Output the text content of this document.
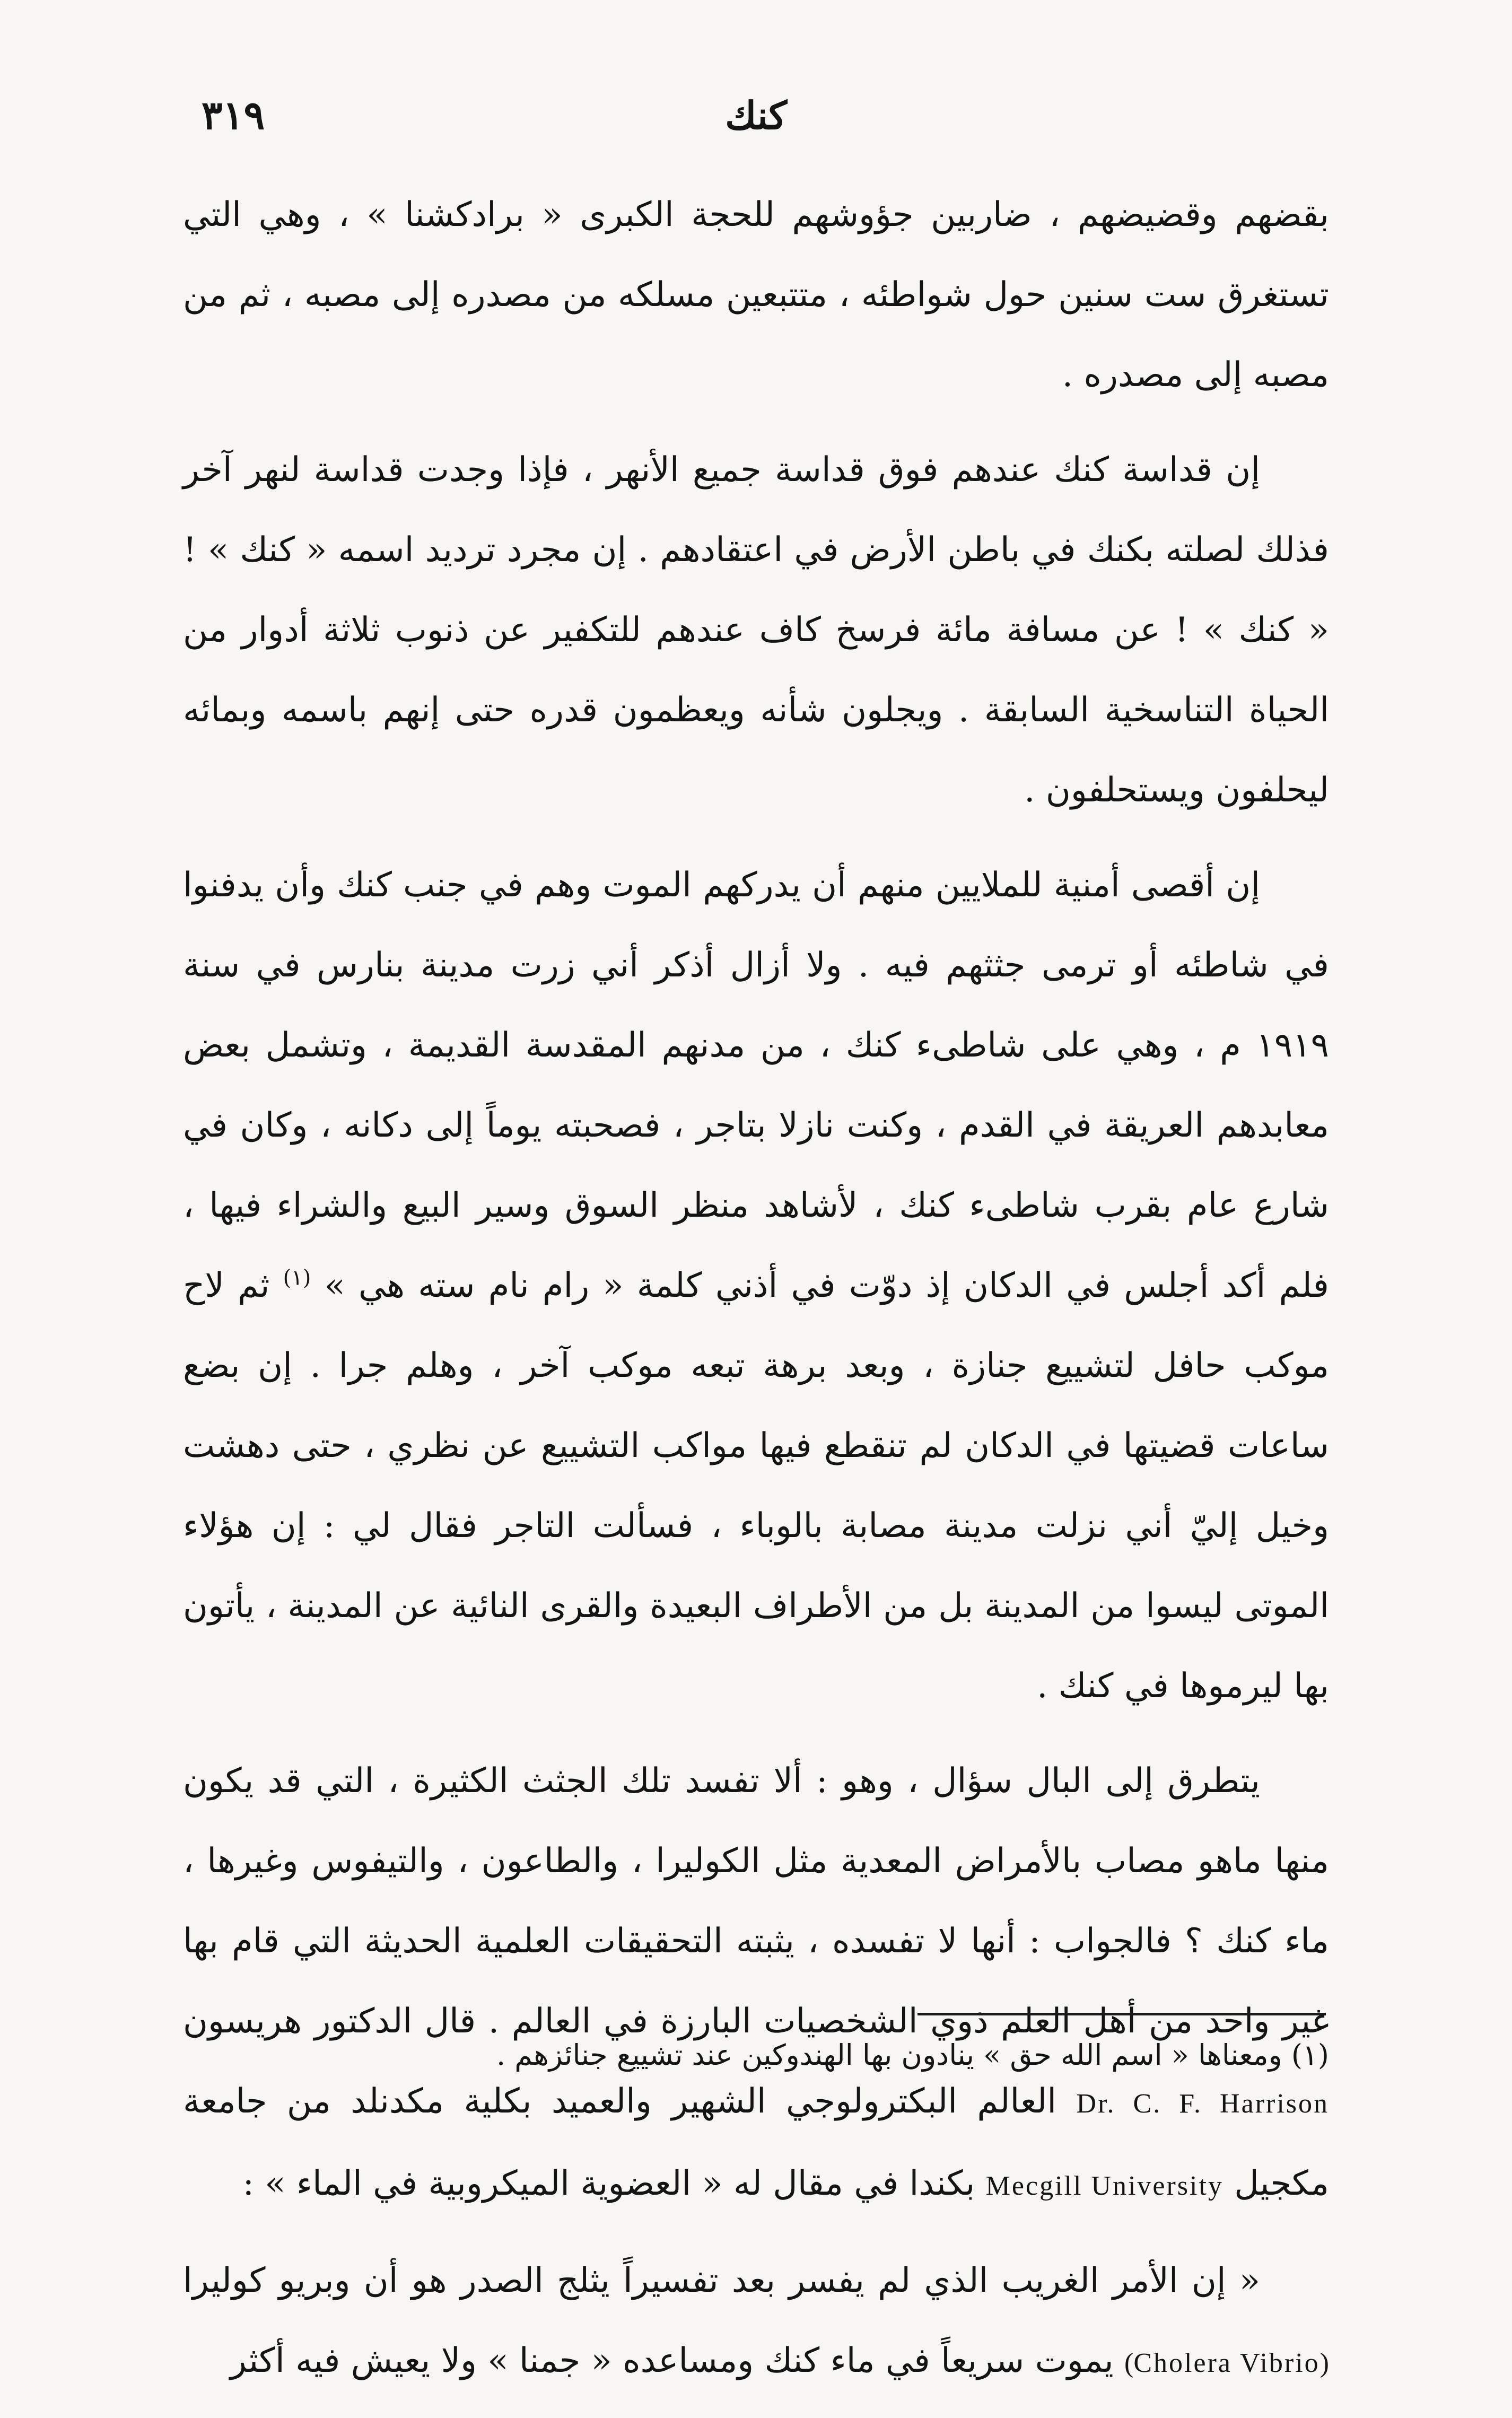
كنك
٣١٩

بقضهم وقضيضهم ، ضاربين جؤوشهم للحجة الكبرى « برادكشنا » ، وهي التي تستغرق ست سنين حول شواطئه ، متتبعين مسلكه من مصدره إلى مصبه ، ثم من مصبه إلى مصدره .

إن قداسة كنك عندهم فوق قداسة جميع الأنهر ، فإذا وجدت قداسة لنهر آخر فذلك لصلته بكنك في باطن الأرض في اعتقادهم . إن مجرد ترديد اسمه « كنك » ! « كنك » ! عن مسافة مائة فرسخ كاف عندهم للتكفير عن ذنوب ثلاثة أدوار من الحياة التناسخية السابقة . ويجلون شأنه ويعظمون قدره حتى إنهم باسمه وبمائه ليحلفون ويستحلفون .

إن أقصى أمنية للملايين منهم أن يدركهم الموت وهم في جنب كنك وأن يدفنوا في شاطئه أو ترمى جثثهم فيه . ولا أزال أذكر أني زرت مدينة بنارس في سنة ١٩١٩ م ، وهي على شاطىء كنك ، من مدنهم المقدسة القديمة ، وتشمل بعض معابدهم العريقة في القدم ، وكنت نازلا بتاجر ، فصحبته يوماً إلى دكانه ، وكان في شارع عام بقرب شاطىء كنك ، لأشاهد منظر السوق وسير البيع والشراء فيها ، فلم أكد أجلس في الدكان إذ دوّت في أذني كلمة « رام نام سته هي » $^{(١)}$ ثم لاح موكب حافل لتشييع جنازة ، وبعد برهة تبعه موكب آخر ، وهلم جرا . إن بضع ساعات قضيتها في الدكان لم تنقطع فيها مواكب التشييع عن نظري ، حتى دهشت وخيل إليّ أني نزلت مدينة مصابة بالوباء ، فسألت التاجر فقال لي : إن هؤلاء الموتى ليسوا من المدينة بل من الأطراف البعيدة والقرى النائية عن المدينة ، يأتون بها ليرموها في كنك .

يتطرق إلى البال سؤال ، وهو : ألا تفسد تلك الجثث الكثيرة ، التي قد يكون منها ماهو مصاب بالأمراض المعدية مثل الكوليرا ، والطاعون ، والتيفوس وغيرها ، ماء كنك ؟ فالجواب : أنها لا تفسده ، يثبته التحقيقات العلمية الحديثة التي قام بها غير واحد من أهل العلم ذوي الشخصيات البارزة في العالم . قال الدكتور هريسون Dr. C. F. Harrison العالم البكترولوجي الشهير والعميد بكلية مكدنلد من جامعة مكجيل Mecgill University بكندا في مقال له « العضوية الميكروبية في الماء » :

« إن الأمر الغريب الذي لم يفسر بعد تفسيراً يثلج الصدر هو أن وبريو كوليرا (Cholera Vibrio) يموت سريعاً في ماء كنك ومساعده « جمنا » ولا يعيش فيه أكثر

(١) ومعناها « اسم الله حق » ينادون بها الهندوكين عند تشييع جنائزهم .
